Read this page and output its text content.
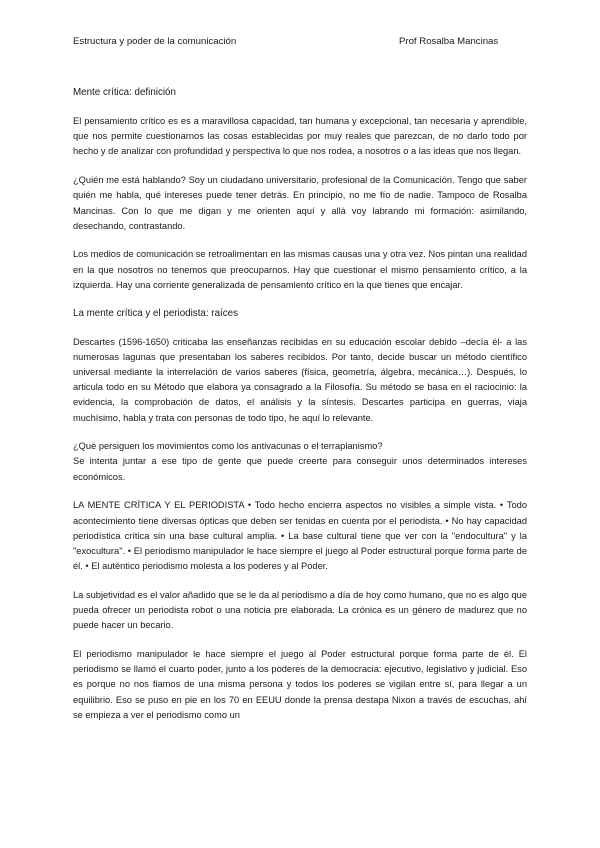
Estructura y poder de la comunicación	Prof Rosalba Mancinas
Mente crítica: definición

El pensamiento crítico es es a maravillosa capacidad, tan humana y excepcional, tan necesaria y aprendible, que nos permite cuestionarnos las cosas establecidas por muy reales que parezcan, de no darlo todo por hecho y de analizar con profundidad y perspectiva lo que nos rodea, a nosotros o a las ideas que nos llegan.

¿Quién me está hablando? Soy un ciudadano universitario, profesional de la Comunicación. Tengo que saber quién me habla, qué intereses puede tener detrás. En principio, no me fío de nadie. Tampoco de Rosalba Mancinas. Con lo que me digan y me orienten aquí y allá voy labrando mi formación: asimilando, desechando, contrastando.

Los medios de comunicación se retroalimentan en las mismas causas una y otra vez. Nos pintan una realidad en la que nosotros no tenemos que preocuparnos. Hay que cuestionar el mismo pensamiento crítico, a la izquierda. Hay una corriente generalizada de pensamiento crítico en la que tienes que encajar.

La mente crítica y el periodista: raíces

Descartes (1596-1650) criticaba las enseñanzas recibidas en su educación escolar debido –decía él- a las numerosas lagunas que presentaban los saberes recibidos. Por tanto, decide buscar un método científico universal mediante la interrelación de varios saberes (física, geometría, álgebra, mecánica…). Después, lo articula todo en su Método que elabora ya consagrado a la Filosofía. Su método se basa en el raciocinio: la evidencia, la comprobación de datos, el análisis y la síntesis. Descartes participa en guerras, viaja muchísimo, habla y trata con personas de todo tipo, he aquí lo relevante.

¿Qué persiguen los movimientos como los antivacunas o el terraplanismo?

Se intenta juntar a ese tipo de gente que puede creerte para conseguir unos determinados intereses económicos.

LA MENTE CRÍTICA Y EL PERIODISTA • Todo hecho encierra aspectos no visibles a simple vista. • Todo acontecimiento tiene diversas ópticas que deben ser tenidas en cuenta por el periodista. • No hay capacidad periodística crítica sin una base cultural amplia. • La base cultural tiene que ver con la "endocultura" y la "exocultura". • El periodismo manipulador le hace siempre el juego al Poder estructural porque forma parte de él. • El auténtico periodismo molesta a los poderes y al Poder.

La subjetividad es el valor añadido que se le da al periodismo a día de hoy como humano, que no es algo que pueda ofrecer un periodista robot o una noticia pre elaborada. La crónica es un género de madurez que no puede hacer un becario.

El periodismo manipulador le hace siempre el juego al Poder estructural porque forma parte de él. El periodismo se llamó el cuarto poder, junto a los poderes de la democracia: ejecutivo, legislativo y judicial. Eso es porque no nos fiamos de una misma persona y todos los poderes se vigilan entre sí, para llegar a un equilibrio. Eso se puso en pie en los 70 en EEUU donde la prensa destapa Nixon a través de escuchas, ahí se empieza a ver el periodismo como un
